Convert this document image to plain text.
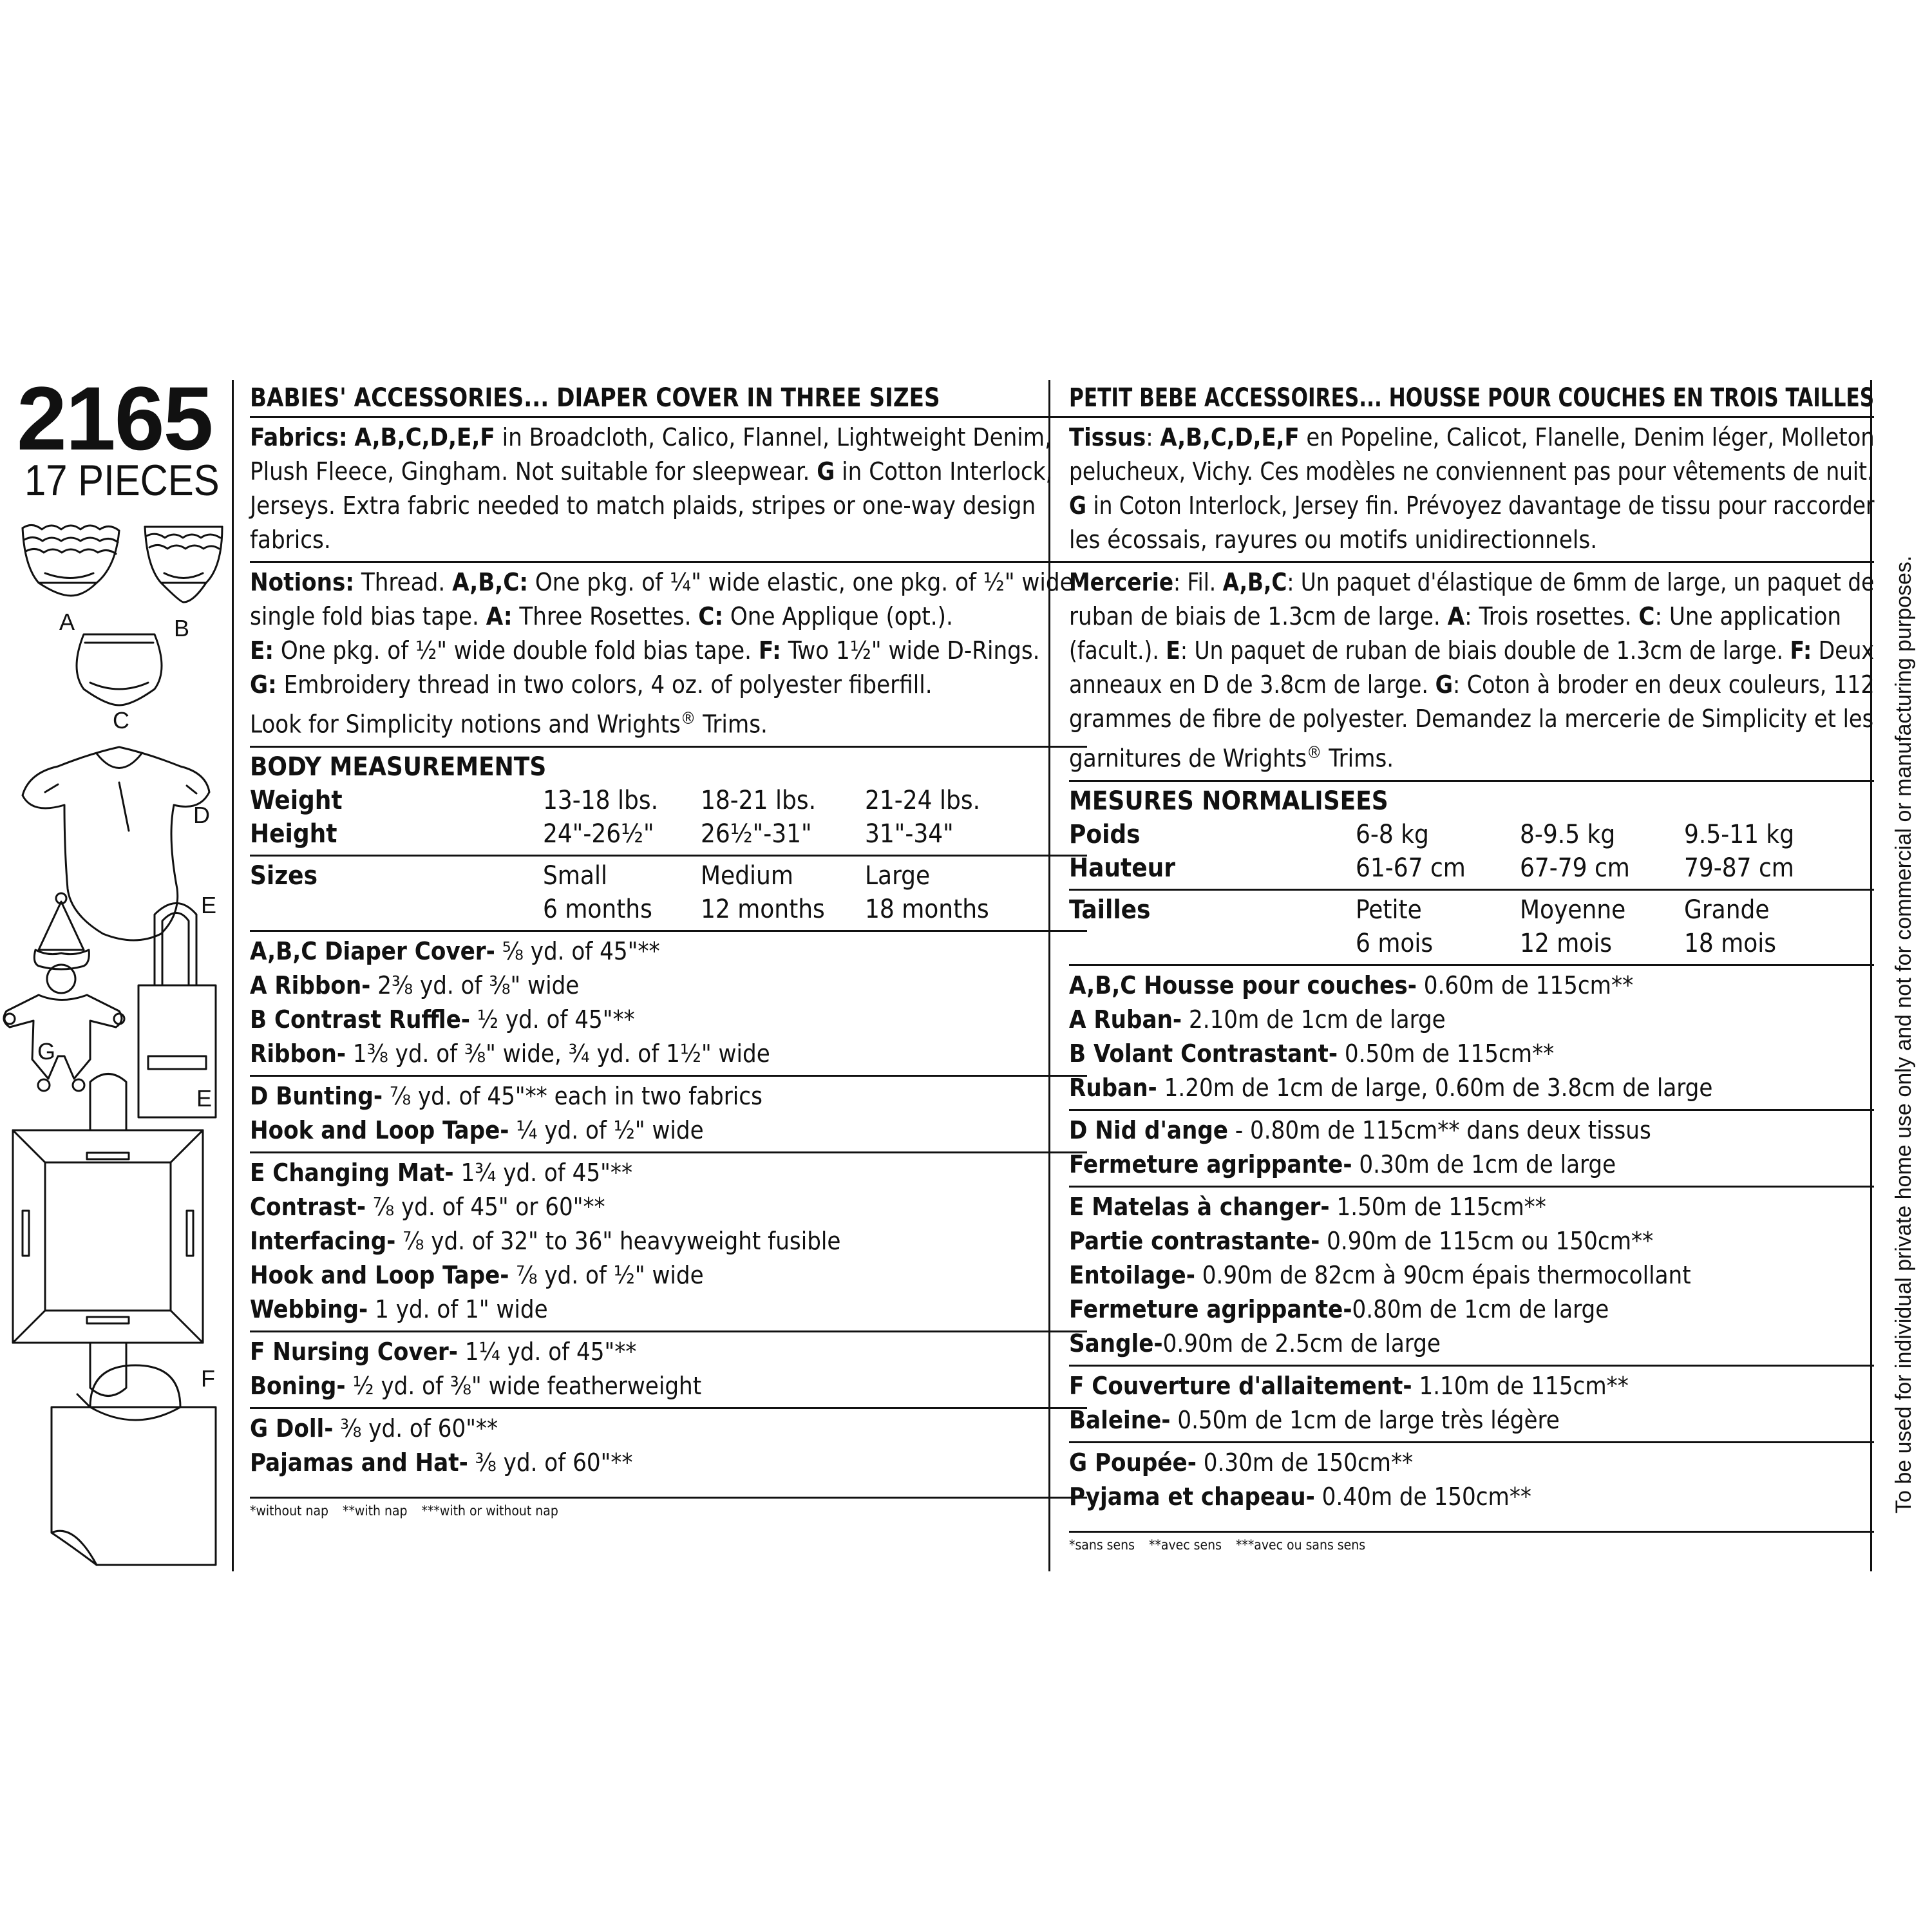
2165
17 PIECES
A	B
C
D
E
G
E
F
BABIES' ACCESSORIES... DIAPER COVER IN THREE SIZES
Fabrics: A,B,C,D,E,F in Broadcloth, Calico, Flannel, Lightweight Denim,
Plush Fleece, Gingham. Not suitable for sleepwear. G in Cotton Interlock,
Jerseys. Extra fabric needed to match plaids, stripes or one-way design
fabrics.
Notions: Thread. A,B,C: One pkg. of ¼" wide elastic, one pkg. of ½" wide
single fold bias tape. A: Three Rosettes. C: One Applique (opt.).
E: One pkg. of ½" wide double fold bias tape. F: Two 1½" wide D-Rings.
G: Embroidery thread in two colors, 4 oz. of polyester fiberfill.
Look for Simplicity notions and Wrights® Trims.
BODY MEASUREMENTS
Weight	13-18 lbs.	18-21 lbs.	21-24 lbs.
Height	24"-26½"	26½"-31"	31"-34"
Sizes	Small	Medium	Large
	6 months	12 months	18 months
A,B,C Diaper Cover- ⅝ yd. of 45"**
A Ribbon- 2⅜ yd. of ⅜" wide
B Contrast Ruffle- ½ yd. of 45"**
Ribbon- 1⅜ yd. of ⅜" wide, ¾ yd. of 1½" wide
D Bunting- ⅞ yd. of 45"** each in two fabrics
Hook and Loop Tape- ¼ yd. of ½" wide
E Changing Mat- 1¾ yd. of 45"**
Contrast- ⅞ yd. of 45" or 60"**
Interfacing- ⅞ yd. of 32" to 36" heavyweight fusible
Hook and Loop Tape- ⅞ yd. of ½" wide
Webbing- 1 yd. of 1" wide
F Nursing Cover- 1¼ yd. of 45"**
Boning- ½ yd. of ⅜" wide featherweight
G Doll- ⅜ yd. of 60"**
Pajamas and Hat- ⅜ yd. of 60"**
*without nap **with nap ***with or without nap
PETIT BEBE ACCESSOIRES... HOUSSE POUR COUCHES EN TROIS TAILLES
Tissus: A,B,C,D,E,F en Popeline, Calicot, Flanelle, Denim léger, Molleton
pelucheux, Vichy. Ces modèles ne conviennent pas pour vêtements de nuit.
G in Coton Interlock, Jersey fin. Prévoyez davantage de tissu pour raccorder
les écossais, rayures ou motifs unidirectionnels.
Mercerie: Fil. A,B,C: Un paquet d'élastique de 6mm de large, un paquet de
ruban de biais de 1.3cm de large. A: Trois rosettes. C: Une application
(facult.). E: Un paquet de ruban de biais double de 1.3cm de large. F: Deux
anneaux en D de 3.8cm de large. G: Coton à broder en deux couleurs, 112
grammes de fibre de polyester. Demandez la mercerie de Simplicity et les
garnitures de Wrights® Trims.
MESURES NORMALISEES
Poids	6-8 kg	8-9.5 kg	9.5-11 kg
Hauteur	61-67 cm	67-79 cm	79-87 cm
Tailles	Petite	Moyenne	Grande
	6 mois	12 mois	18 mois
A,B,C Housse pour couches- 0.60m de 115cm**
A Ruban- 2.10m de 1cm de large
B Volant Contrastant- 0.50m de 115cm**
Ruban- 1.20m de 1cm de large, 0.60m de 3.8cm de large
D Nid d'ange - 0.80m de 115cm** dans deux tissus
Fermeture agrippante- 0.30m de 1cm de large
E Matelas à changer- 1.50m de 115cm**
Partie contrastante- 0.90m de 115cm ou 150cm**
Entoilage- 0.90m de 82cm à 90cm épais thermocollant
Fermeture agrippante-0.80m de 1cm de large
Sangle-0.90m de 2.5cm de large
F Couverture d'allaitement- 1.10m de 115cm**
Baleine- 0.50m de 1cm de large très légère
G Poupée- 0.30m de 150cm**
Pyjama et chapeau- 0.40m de 150cm**
*sans sens **avec sens ***avec ou sans sens
To be used for individual private home use only and not for commercial or manufacturing purposes.
